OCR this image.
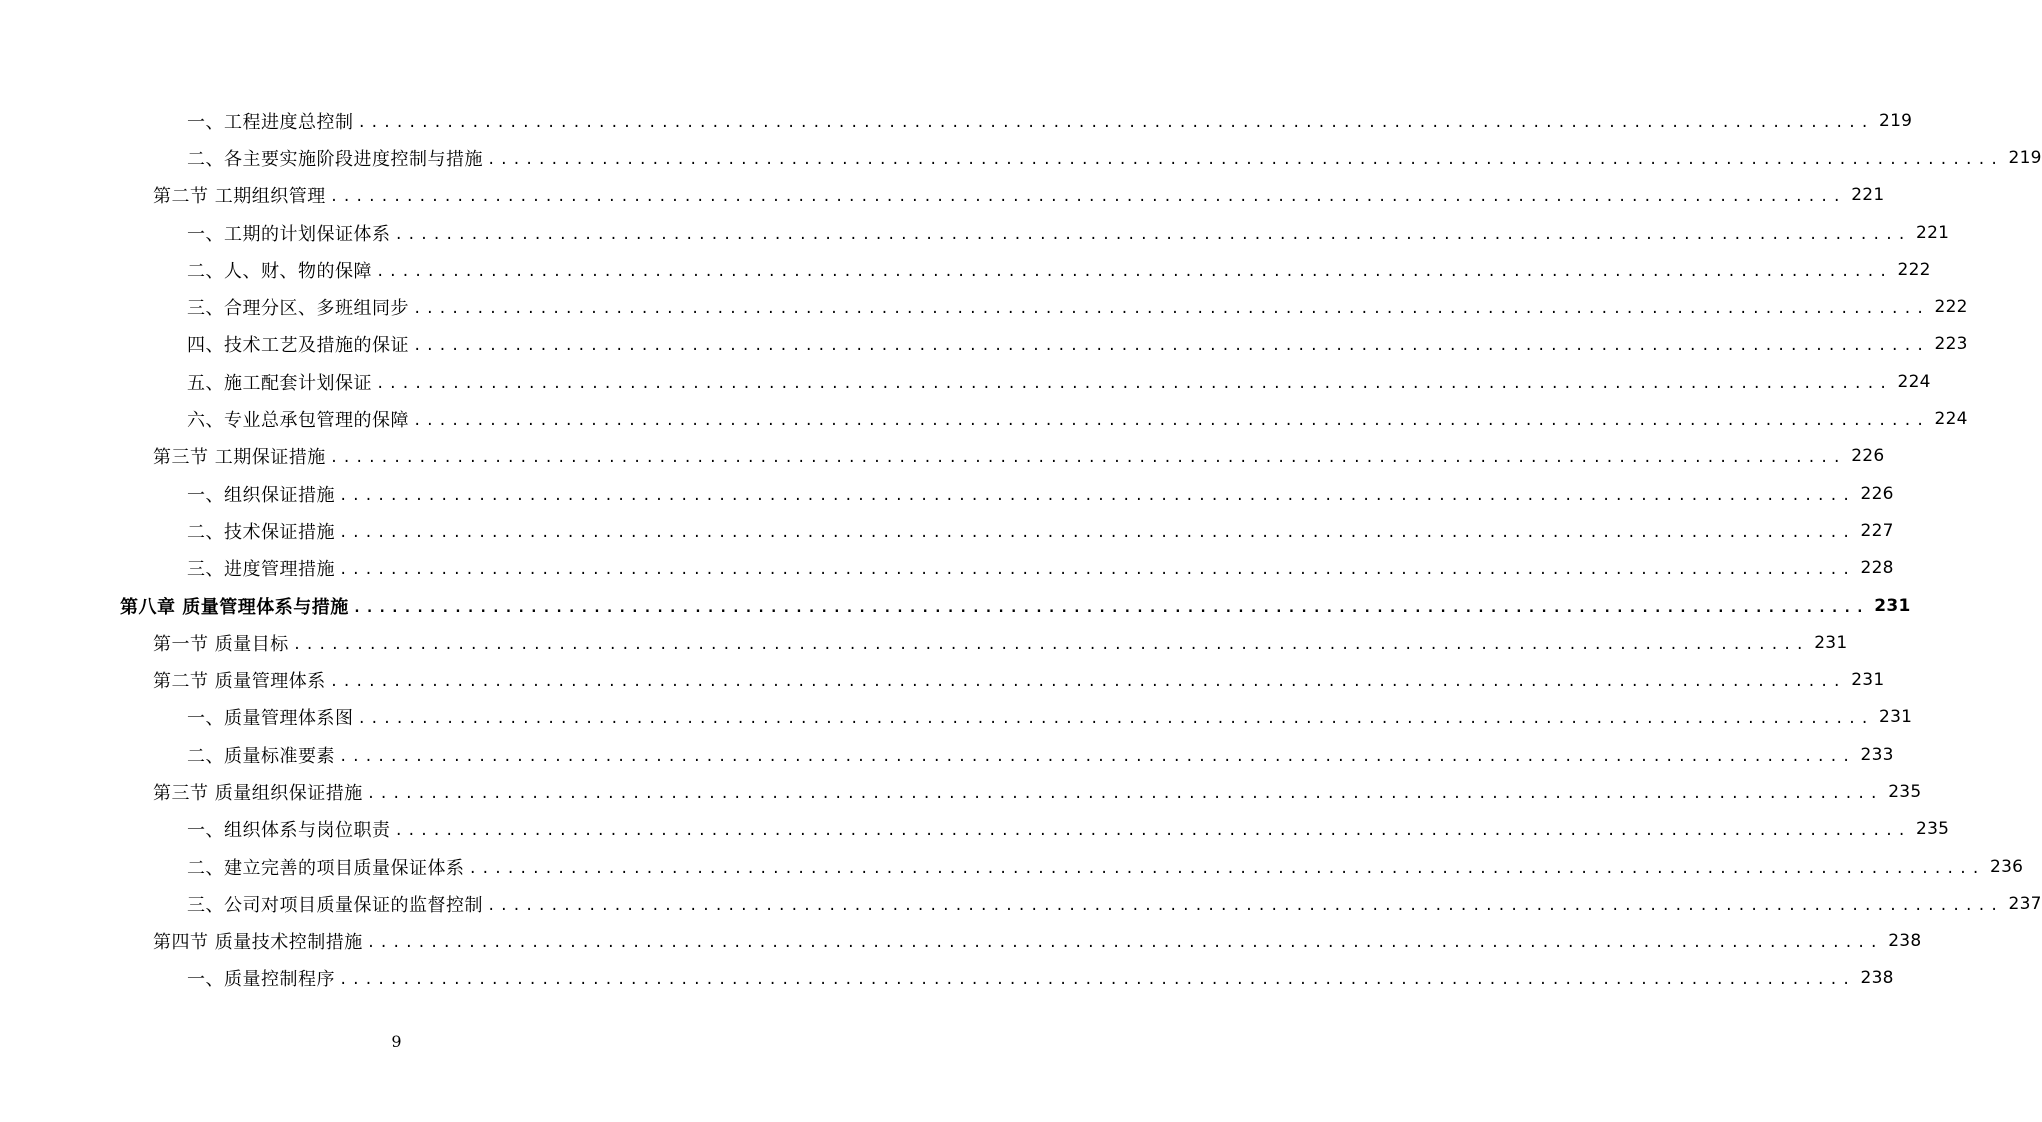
一、工程进度总控制 ........................................................................................................................ 219
二、各主要实施阶段进度控制与措施 ........................................................................................................................ 219
第二节 工期组织管理 ........................................................................................................................ 221
一、工期的计划保证体系 ........................................................................................................................ 221
二、人、财、物的保障 ........................................................................................................................ 222
三、合理分区、多班组同步 ........................................................................................................................ 222
四、技术工艺及措施的保证 ........................................................................................................................ 223
五、施工配套计划保证 ........................................................................................................................ 224
六、专业总承包管理的保障 ........................................................................................................................ 224
第三节 工期保证措施 ........................................................................................................................ 226
一、组织保证措施 ........................................................................................................................ 226
二、技术保证措施 ........................................................................................................................ 227
三、进度管理措施 ........................................................................................................................ 228
第八章 质量管理体系与措施 ........................................................................................................................ 231
第一节 质量目标 ........................................................................................................................ 231
第二节 质量管理体系 ........................................................................................................................ 231
一、质量管理体系图 ........................................................................................................................ 231
二、质量标准要素 ........................................................................................................................ 233
第三节 质量组织保证措施 ........................................................................................................................ 235
一、组织体系与岗位职责 ........................................................................................................................ 235
二、建立完善的项目质量保证体系 ........................................................................................................................ 236
三、公司对项目质量保证的监督控制 ........................................................................................................................ 237
第四节 质量技术控制措施 ........................................................................................................................ 238
一、质量控制程序 ........................................................................................................................ 238
9
